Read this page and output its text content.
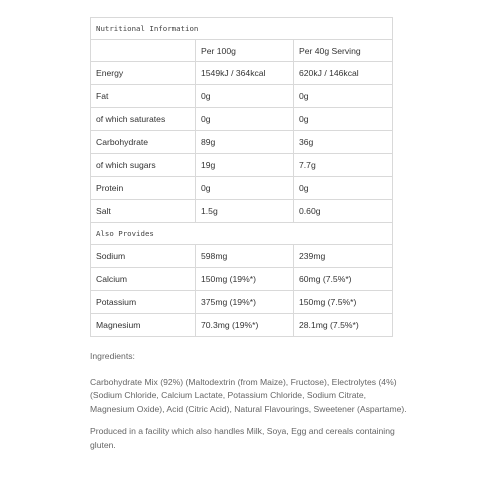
Nutritional Information		
	Per 100g	Per 40g Serving
Energy	1549kJ / 364kcal	620kJ / 146kcal
Fat	0g	0g
of which saturates	0g	0g
Carbohydrate	89g	36g
of which sugars	19g	7.7g
Protein	0g	0g
Salt	1.5g	0.60g
Also Provides		
Sodium	598mg	239mg
Calcium	150mg (19%*)	60mg (7.5%*)
Potassium	375mg (19%*)	150mg (7.5%*)
Magnesium	70.3mg (19%*)	28.1mg (7.5%*)

Ingredients:

Carbohydrate Mix (92%) (Maltodextrin (from Maize), Fructose), Electrolytes (4%) (Sodium Chloride, Calcium Lactate, Potassium Chloride, Sodium Citrate, Magnesium Oxide), Acid (Citric Acid), Natural Flavourings, Sweetener (Aspartame).

Produced in a facility which also handles Milk, Soya, Egg and cereals containing gluten.
